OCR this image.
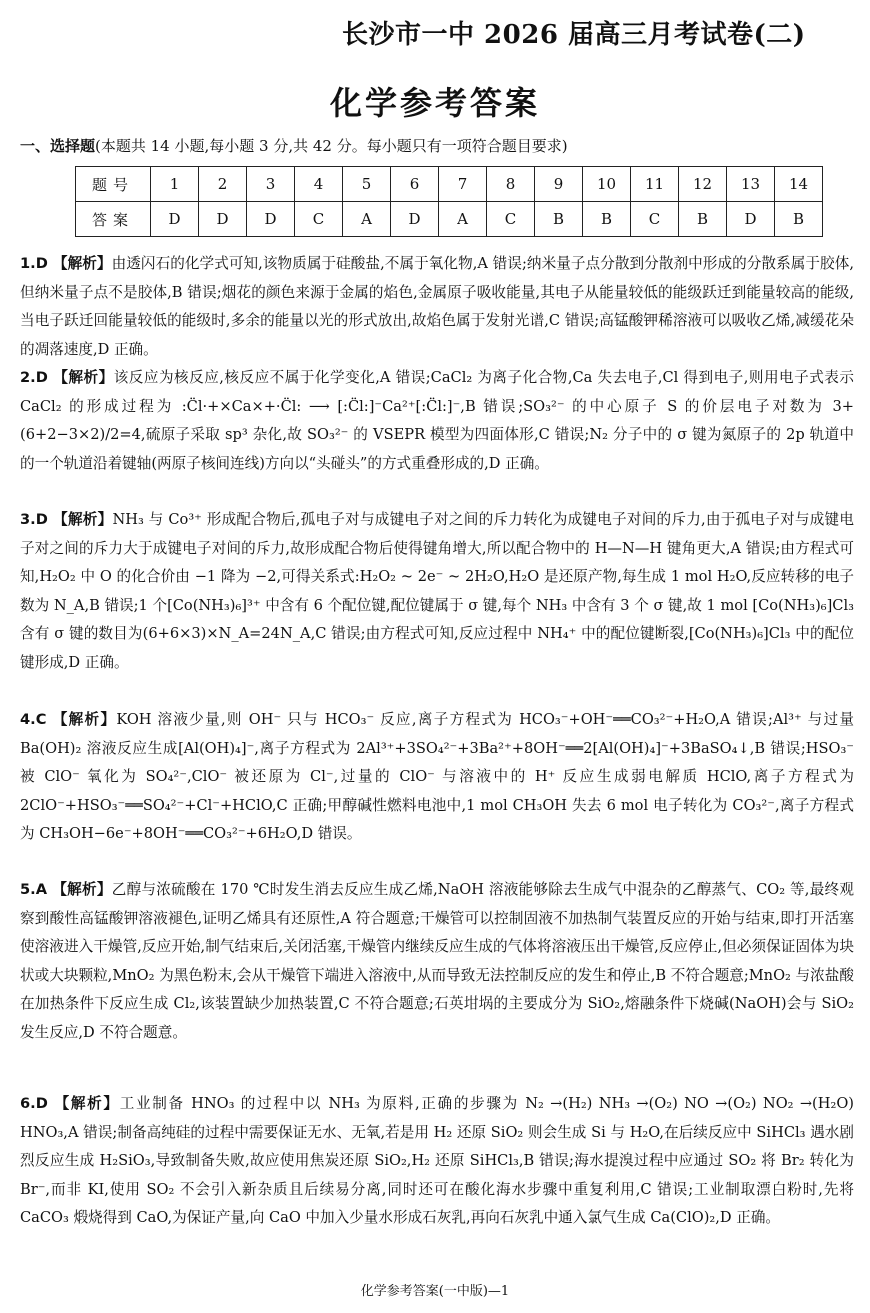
长沙市一中 2026 届高三月考试卷(二)
化学参考答案
一、选择题(本题共 14 小题,每小题 3 分,共 42 分。每小题只有一项符合题目要求)
题号	1	2	3	4	5	6	7	8	9	10	11	12	13	14
答案	D	D	D	C	A	D	A	C	B	B	C	B	D	B

1.D 【解析】由透闪石的化学式可知,该物质属于硅酸盐,不属于氧化物,A 错误;纳米量子点分散到分散剂中形成的分散系属于胶体,但纳米量子点不是胶体,B 错误;烟花的颜色来源于金属的焰色,金属原子吸收能量,其电子从能量较低的能级跃迁到能量较高的能级,当电子跃迁回能量较低的能级时,多余的能量以光的形式放出,故焰色属于发射光谱,C 错误;高锰酸钾稀溶液可以吸收乙烯,减缓花朵的凋落速度,D 正确。

2.D 【解析】该反应为核反应,核反应不属于化学变化,A 错误;CaCl₂ 为离子化合物,Ca 失去电子,Cl 得到电子,则用电子式表示 CaCl₂ 的形成过程为 :C̈l·+×Ca×+·C̈l: ⟶ [:C̈l:]⁻Ca²⁺[:C̈l:]⁻,B 错误;SO₃²⁻ 的中心原子 S 的价层电子对数为 3+(6+2−3×2)/2=4,硫原子采取 sp³ 杂化,故 SO₃²⁻ 的 VSEPR 模型为四面体形,C 错误;N₂ 分子中的 σ 键为氮原子的 2p 轨道中的一个轨道沿着键轴(两原子核间连线)方向以“头碰头”的方式重叠形成的,D 正确。

3.D 【解析】NH₃ 与 Co³⁺ 形成配合物后,孤电子对与成键电子对之间的斥力转化为成键电子对间的斥力,由于孤电子对与成键电子对之间的斥力大于成键电子对间的斥力,故形成配合物后使得键角增大,所以配合物中的 H—N—H 键角更大,A 错误;由方程式可知,H₂O₂ 中 O 的化合价由 −1 降为 −2,可得关系式:H₂O₂ ~ 2e⁻ ~ 2H₂O,H₂O 是还原产物,每生成 1 mol H₂O,反应转移的电子数为 N_A,B 错误;1 个[Co(NH₃)₆]³⁺ 中含有 6 个配位键,配位键属于 σ 键,每个 NH₃ 中含有 3 个 σ 键,故 1 mol [Co(NH₃)₆]Cl₃ 含有 σ 键的数目为(6+6×3)×N_A=24N_A,C 错误;由方程式可知,反应过程中 NH₄⁺ 中的配位键断裂,[Co(NH₃)₆]Cl₃ 中的配位键形成,D 正确。

4.C 【解析】KOH 溶液少量,则 OH⁻ 只与 HCO₃⁻ 反应,离子方程式为 HCO₃⁻+OH⁻══CO₃²⁻+H₂O,A 错误;Al³⁺ 与过量 Ba(OH)₂ 溶液反应生成[Al(OH)₄]⁻,离子方程式为 2Al³⁺+3SO₄²⁻+3Ba²⁺+8OH⁻══2[Al(OH)₄]⁻+3BaSO₄↓,B 错误;HSO₃⁻ 被 ClO⁻ 氧化为 SO₄²⁻,ClO⁻ 被还原为 Cl⁻,过量的 ClO⁻ 与溶液中的 H⁺ 反应生成弱电解质 HClO,离子方程式为 2ClO⁻+HSO₃⁻══SO₄²⁻+Cl⁻+HClO,C 正确;甲醇碱性燃料电池中,1 mol CH₃OH 失去 6 mol 电子转化为 CO₃²⁻,离子方程式为 CH₃OH−6e⁻+8OH⁻══CO₃²⁻+6H₂O,D 错误。

5.A 【解析】乙醇与浓硫酸在 170 ℃时发生消去反应生成乙烯,NaOH 溶液能够除去生成气中混杂的乙醇蒸气、CO₂ 等,最终观察到酸性高锰酸钾溶液褪色,证明乙烯具有还原性,A 符合题意;干燥管可以控制固液不加热制气装置反应的开始与结束,即打开活塞使溶液进入干燥管,反应开始,制气结束后,关闭活塞,干燥管内继续反应生成的气体将溶液压出干燥管,反应停止,但必须保证固体为块状或大块颗粒,MnO₂ 为黑色粉末,会从干燥管下端进入溶液中,从而导致无法控制反应的发生和停止,B 不符合题意;MnO₂ 与浓盐酸在加热条件下反应生成 Cl₂,该装置缺少加热装置,C 不符合题意;石英坩埚的主要成分为 SiO₂,熔融条件下烧碱(NaOH)会与 SiO₂ 发生反应,D 不符合题意。

6.D 【解析】工业制备 HNO₃ 的过程中以 NH₃ 为原料,正确的步骤为 N₂ →(H₂) NH₃ →(O₂) NO →(O₂) NO₂ →(H₂O) HNO₃,A 错误;制备高纯硅的过程中需要保证无水、无氧,若是用 H₂ 还原 SiO₂ 则会生成 Si 与 H₂O,在后续反应中 SiHCl₃ 遇水剧烈反应生成 H₂SiO₃,导致制备失败,故应使用焦炭还原 SiO₂,H₂ 还原 SiHCl₃,B 错误;海水提溴过程中应通过 SO₂ 将 Br₂ 转化为 Br⁻,而非 KI,使用 SO₂ 不会引入新杂质且后续易分离,同时还可在酸化海水步骤中重复利用,C 错误;工业制取漂白粉时,先将 CaCO₃ 煅烧得到 CaO,为保证产量,向 CaO 中加入少量水形成石灰乳,再向石灰乳中通入氯气生成 Ca(ClO)₂,D 正确。

化学参考答案(一中版)—1
